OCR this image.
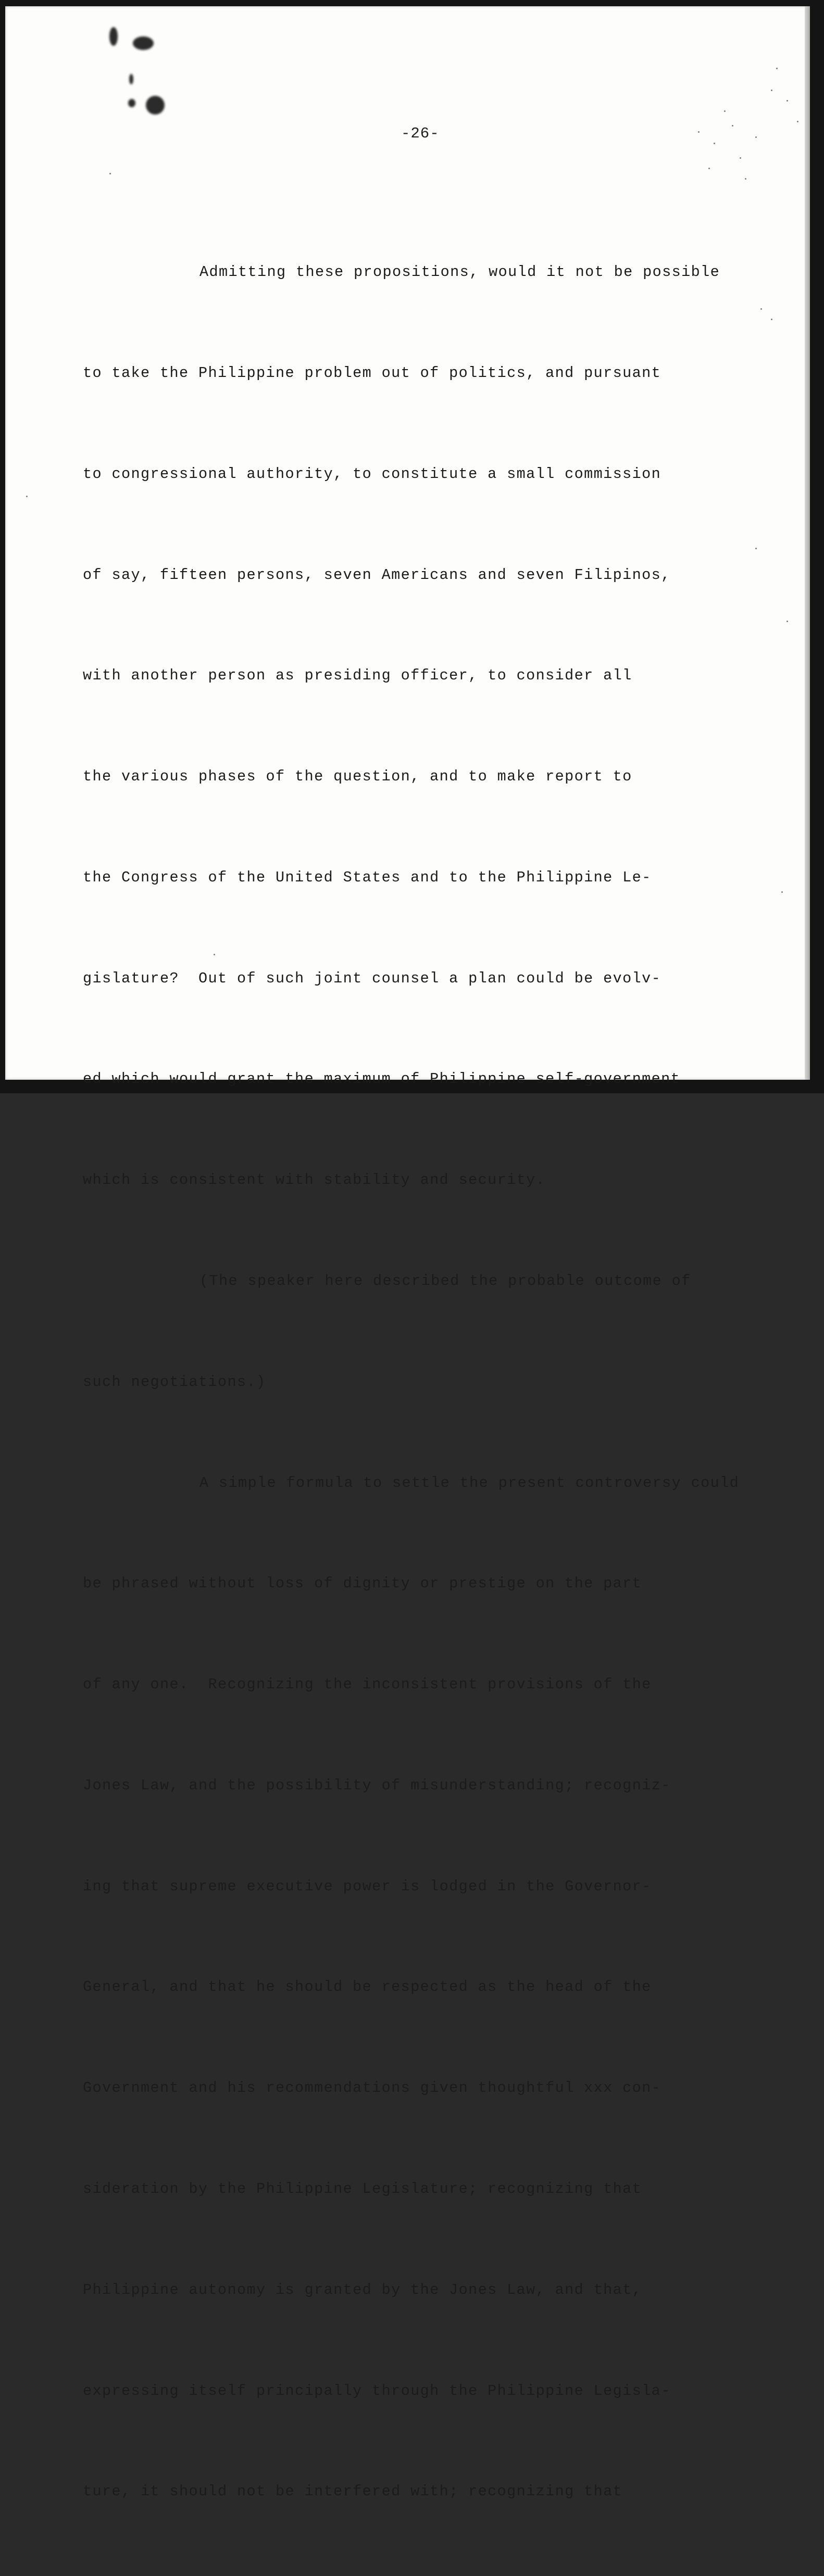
-26-

Admitting these propositions, would it not be possible

to take the Philippine problem out of politics, and pursuant

to congressional authority, to constitute a small commission

of say, fifteen persons, seven Americans and seven Filipinos,

with another person as presiding officer, to consider all

the various phases of the question, and to make report to

the Congress of the United States and to the Philippine Le-

gislature?  Out of such joint counsel a plan could be evolv-

ed which would grant the maximum of Philippine self-government

which is consistent with stability and security.

(The speaker here described the probable outcome of

such negotiations.)

A simple formula to settle the present controversy could

be phrased without loss of dignity or prestige on the part

of any one.  Recognizing the inconsistent provisions of the

Jones Law, and the possibility of misunderstanding; recogniz-

ing that supreme executive power is lodged in the Governor-

General, and that he should be respected as the head of the

Government and his recommendations given thoughtful xxx con-

sideration by the Philippine Legislature; recognizing that

Philippine autonomy is granted by the Jones Law, and that,

expressing itself principally through the Philippine Legisla-

ture, it should not be interfered with; recognizing that
